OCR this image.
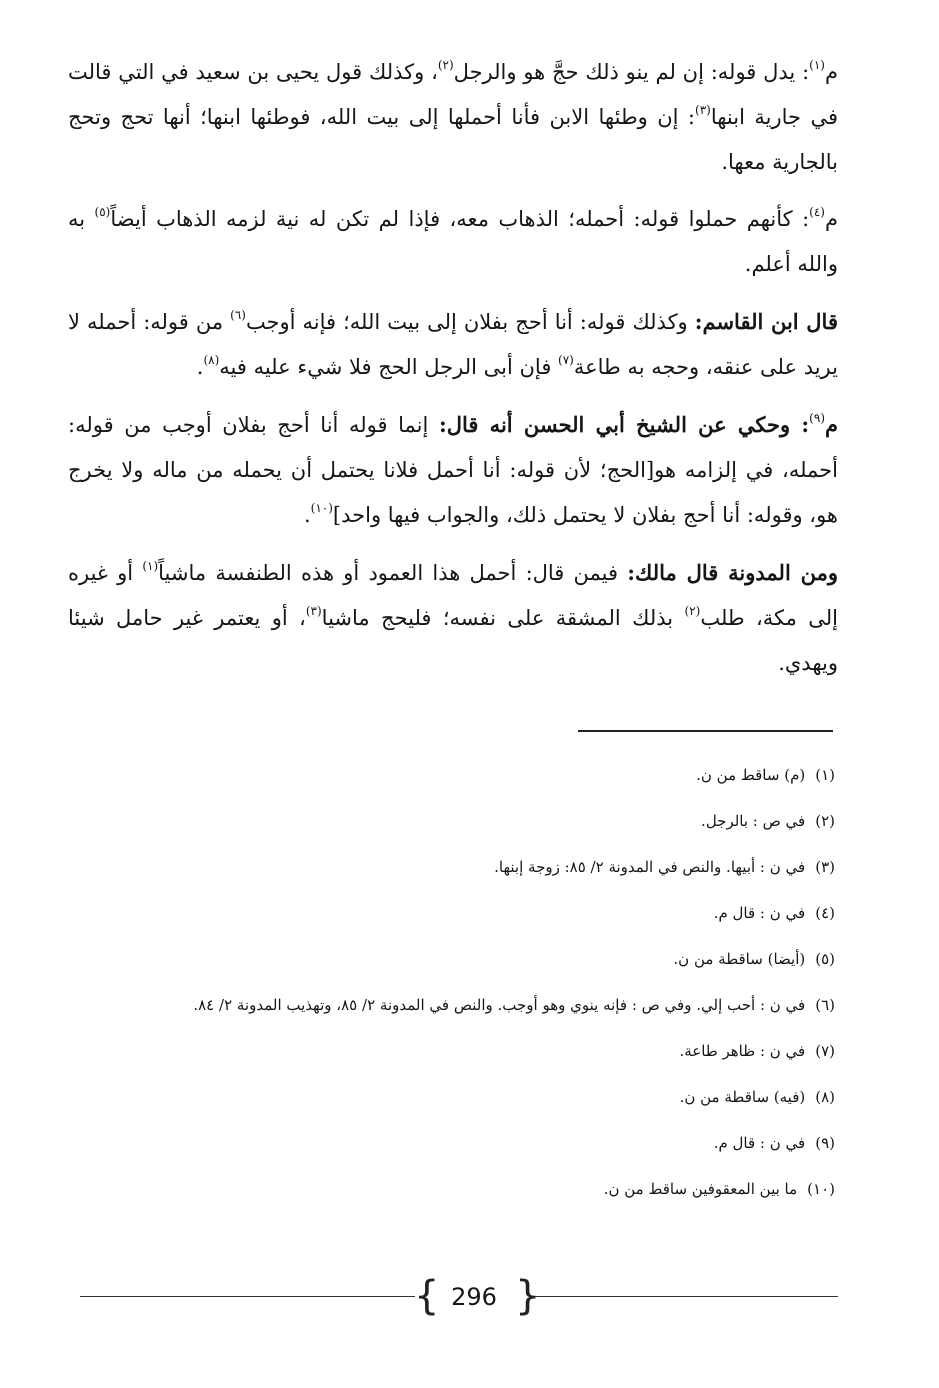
م$^{(١)}$: يدل قوله: إن لم ينو ذلك حجَّ هو والرجل$^{(٢)}$، وكذلك قول يحيى بن سعيد في التي قالت في جارية ابنها$^{(٣)}$: إن وطئها الابن فأنا أحملها إلى بيت الله، فوطئها ابنها؛ أنها تحج وتحج بالجارية معها.

م$^{(٤)}$: كأنهم حملوا قوله: أحمله؛ الذهاب معه، فإذا لم تكن له نية لزمه الذهاب أيضاً$^{(٥)}$ به والله أعلم.

قال ابن القاسم: وكذلك قوله: أنا أحج بفلان إلى بيت الله؛ فإنه أوجب$^{(٦)}$ من قوله: أحمله لا يريد على عنقه، وحجه به طاعة$^{(٧)}$ فإن أبى الرجل الحج فلا شيء عليه فيه$^{(٨)}$.

م$^{(٩)}$: وحكي عن الشيخ أبي الحسن أنه قال: إنما قوله أنا أحج بفلان أوجب من قوله: أحمله، في إلزامه هو[الحج؛ لأن قوله: أنا أحمل فلانا يحتمل أن يحمله من ماله ولا يخرج هو، وقوله: أنا أحج بفلان لا يحتمل ذلك، والجواب فيها واحد]$^{(١٠)}$.

ومن المدونة قال مالك: فيمن قال: أحمل هذا العمود أو هذه الطنفسة ماشياً$^{(١)}$ أو غيره إلى مكة، طلب$^{(٢)}$ بذلك المشقة على نفسه؛ فليحج ماشيا$^{(٣)}$، أو يعتمر غير حامل شيئا ويهدي.

(١)(م) ساقط من ن.
(٢)في ص : بالرجل.
(٣)في ن : أبيها. والنص في المدونة ٢/ ٨٥: زوجة إبنها.
(٤)في ن : قال م.
(٥)(أيضا) ساقطة من ن.
(٦)في ن : أحب إلي. وفي ص : فإنه ينوي وهو أوجب. والنص في المدونة ٢/ ٨٥، وتهذيب المدونة ٢/ ٨٤.
(٧)في ن : ظاهر طاعة.
(٨)(فيه) ساقطة من ن.
(٩)في ن : قال م.
(١٠)ما بين المعقوفين ساقط من ن.
{ }
296
